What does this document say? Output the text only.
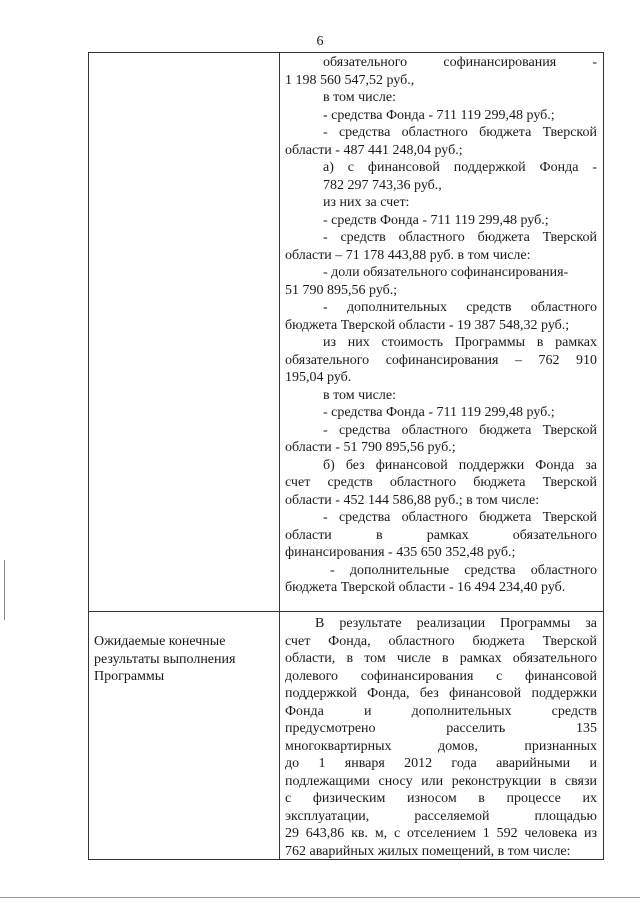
6
обязательного софинансирования -
1 198 560 547,52 руб.,
в том числе:
- средства Фонда - 711 119 299,48 руб.;
- средства областного бюджета Тверской
области - 487 441 248,04 руб.;
а) с финансовой поддержкой Фонда -
782 297 743,36 руб.,
из них за счет:
- средств Фонда - 711 119 299,48 руб.;
- средств областного бюджета Тверской
области – 71 178 443,88 руб. в том числе:
- доли обязательного софинансирования-
51 790 895,56 руб.;
- дополнительных средств областного
бюджета Тверской области - 19 387 548,32 руб.;
из них стоимость Программы в рамках
обязательного софинансирования – 762 910
195,04 руб.
в том числе:
- средства Фонда - 711 119 299,48 руб.;
- средства областного бюджета Тверской
области - 51 790 895,56 руб.;
б) без финансовой поддержки Фонда за
счет средств областного бюджета Тверской
области - 452 144 586,88 руб.; в том числе:
- средства областного бюджета Тверской
области в рамках обязательного
финансирования - 435 650 352,48 руб.;
- дополнительные средства областного
бюджета Тверской области - 16 494 234,40 руб.
Ожидаемые конечные результаты выполнения Программы
В результате реализации Программы за
счет Фонда, областного бюджета Тверской
области, в том числе в рамках обязательного
долевого софинансирования с финансовой
поддержкой Фонда, без финансовой поддержки
Фонда и дополнительных средств
предусмотрено расселить 135
многоквартирных домов, признанных
до 1 января 2012 года аварийными и
подлежащими сносу или реконструкции в связи
с физическим износом в процессе их
эксплуатации, расселяемой площадью
29 643,86 кв. м, с отселением 1 592 человека из
762 аварийных жилых помещений, в том числе:
